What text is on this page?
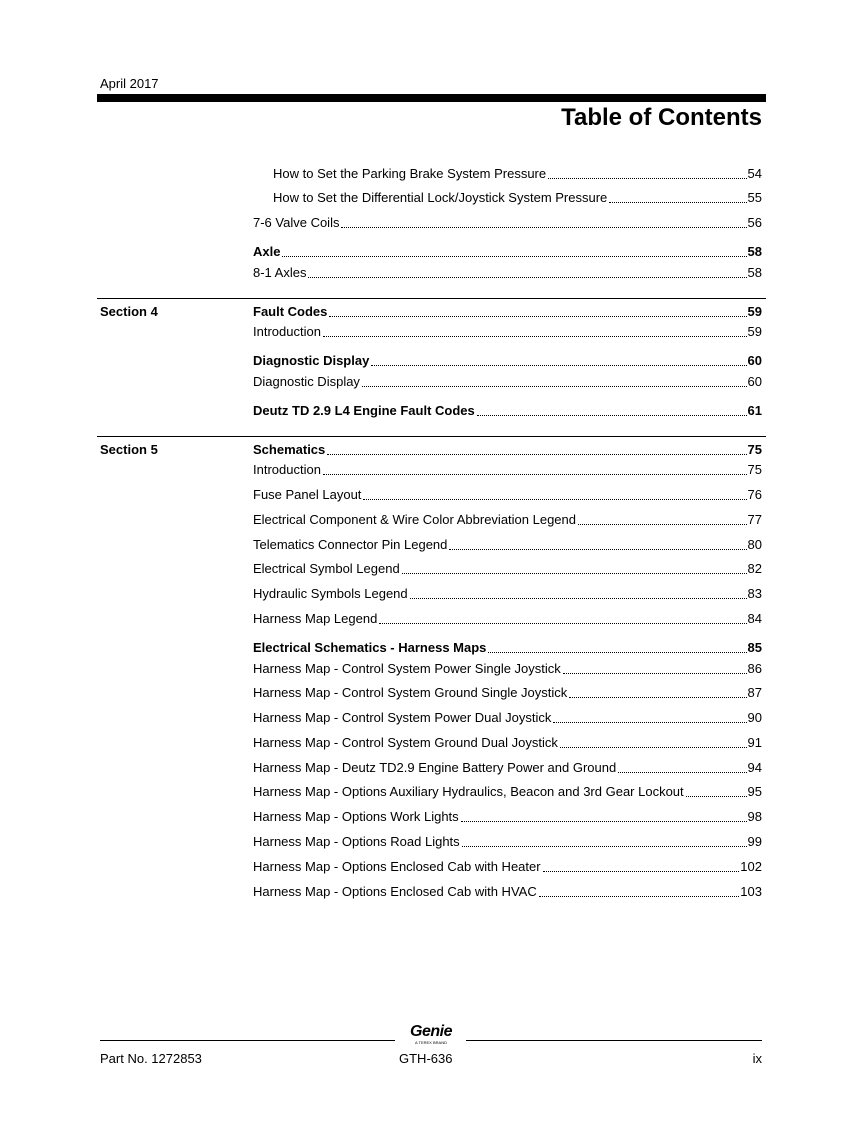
April 2017
Table of Contents
How to Set the Parking Brake System Pressure	54
How to Set the Differential Lock/Joystick System Pressure	55
7-6 Valve Coils	56
Axle	58
8-1 Axles	58
Section 4	Fault Codes	59
Introduction	59
Diagnostic Display	60
Diagnostic Display	60
Deutz TD 2.9 L4 Engine Fault Codes	61
Section 5	Schematics	75
Introduction	75
Fuse Panel Layout	76
Electrical Component & Wire Color Abbreviation Legend	77
Telematics Connector Pin Legend	80
Electrical Symbol Legend	82
Hydraulic Symbols Legend	83
Harness Map Legend	84
Electrical Schematics - Harness Maps	85
Harness Map - Control System Power Single Joystick	86
Harness Map - Control System Ground Single Joystick	87
Harness Map - Control System Power Dual Joystick	90
Harness Map - Control System Ground Dual Joystick	91
Harness Map - Deutz TD2.9 Engine Battery Power and Ground	94
Harness Map - Options Auxiliary Hydraulics, Beacon and 3rd Gear Lockout	95
Harness Map - Options Work Lights	98
Harness Map - Options Road Lights	99
Harness Map - Options Enclosed Cab with Heater	102
Harness Map - Options Enclosed Cab with HVAC	103
Genie
A TEREX BRAND
Part No. 1272853	GTH-636	ix
